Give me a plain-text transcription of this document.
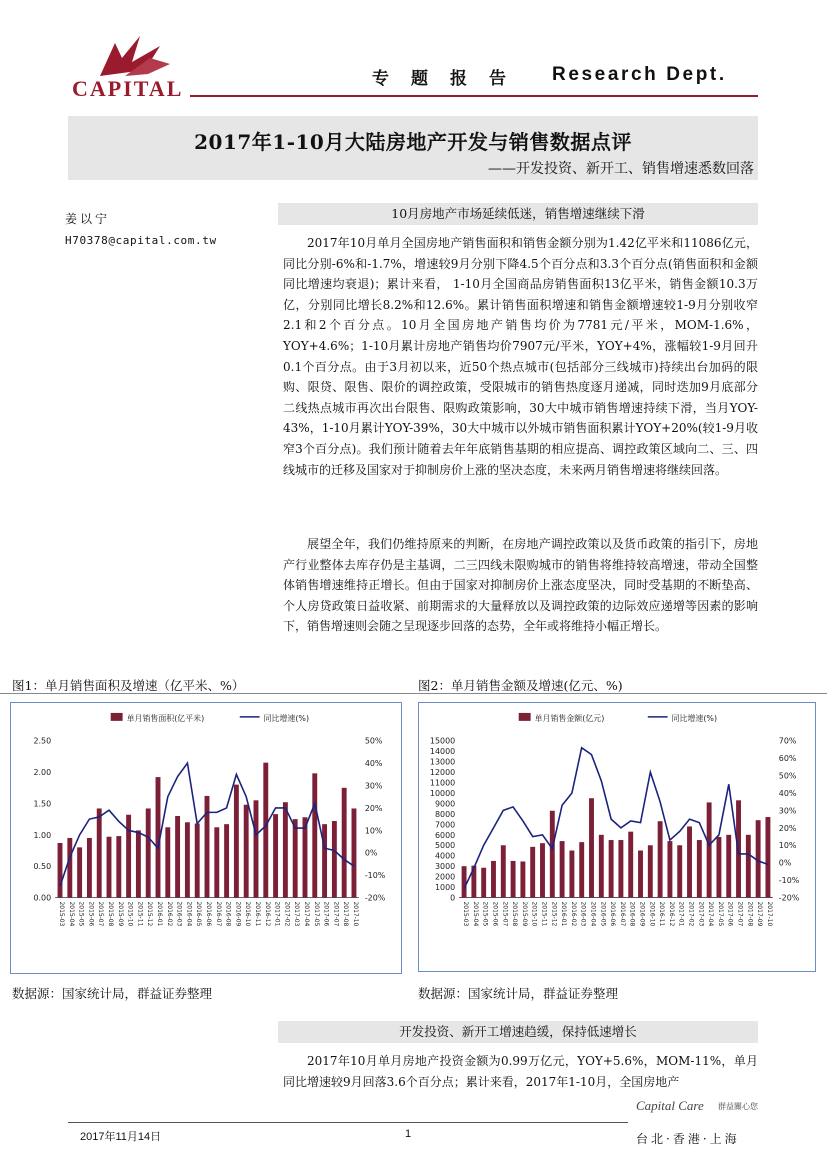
CAPITAL	专题报告 Research Dept.
2017年1-10月大陆房地产开发与销售数据点评
——开发投资、新开工、销售增速悉数回落
姜以宁
H70378@capital.com.tw
10月房地产市场延续低迷，销售增速继续下滑

2017年10月单月全国房地产销售面积和销售金额分别为1.42亿平米和11086亿元，同比分别-6%和-1.7%，增速较9月分别下降4.5个百分点和3.3个百分点(销售面积和金额同比增速均衰退)；累计来看， 1-10月全国商品房销售面积13亿平米，销售金额10.3万亿，分别同比增长8.2%和12.6%。累计销售面积增速和销售金额增速较1-9月分别收窄2.1和2个百分点。10月全国房地产销售均价为7781元/平米，MOM-1.6%，YOY+4.6%；1-10月累计房地产销售均价7907元/平米，YOY+4%，涨幅较1-9月回升0.1个百分点。由于3月初以来，近50个热点城市(包括部分三线城市)持续出台加码的限购、限贷、限售、限价的调控政策，受限城市的销售热度逐月递减，同时迭加9月底部分二线热点城市再次出台限售、限购政策影响，30大中城市销售增速持续下滑，当月YOY-43%，1-10月累计YOY-39%，30大中城市以外城市销售面积累计YOY+20%(较1-9月收窄3个百分点)。我们预计随着去年年底销售基期的相应提高、调控政策区域向二、三、四线城市的迁移及国家对于抑制房价上涨的坚决态度，未来两月销售增速将继续回落。

展望全年，我们仍维持原来的判断，在房地产调控政策以及货币政策的指引下，房地产行业整体去库存仍是主基调，二三四线未限购城市的销售将维持较高增速，带动全国整体销售增速维持正增长。但由于国家对抑制房价上涨态度坚决，同时受基期的不断垫高、个人房贷政策日益收紧、前期需求的大量释放以及调控政策的边际效应递增等因素的影响下，销售增速则会随之呈现逐步回落的态势，全年或将维持小幅正增长。

图1：单月销售面积及增速（亿平米、%）	图2：单月销售金额及增速(亿元、%)
单月销售面积(亿平米)	同比增速(%)
0.00
0.50
1.00
1.50
2.00
2.50
-20%
-10%
0%
10%
20%
30%
40%
50%
2015-03 2015-04 2015-05 2015-06 2015-07 2015-08 2015-09 2015-10 2015-11 2015-12 2016-01 2016-02 2016-03 2016-04 2016-05 2016-06 2016-07 2016-08 2016-09 2016-10 2016-11 2016-12 2017-01 2017-02 2017-03 2017-04 2017-05 2017-06 2017-07 2017-08 2017-10
单月销售金额(亿元)	同比增速(%)
0
1000
2000
3000
4000
5000
6000
7000
8000
9000
10000
11000
12000
13000
14000
15000
-20%
-10%
0%
10%
20%
30%
40%
50%
60%
70%
2015-03 2015-04 2015-05 2015-06 2015-07 2015-08 2015-09 2015-10 2015-11 2015-12 2016-01 2016-02 2016-03 2016-04 2016-05 2016-06 2016-07 2016-08 2016-09 2016-10 2016-11 2016-12 2017-01 2017-02 2017-03 2017-04 2017-05 2017-06 2017-07 2017-08 2017-09 2017-10
数据源：国家统计局，群益证券整理	数据源：国家统计局，群益证券整理
开发投资、新开工增速趋缓，保持低速增长

2017年10月单月房地产投资金额为0.99万亿元，YOY+5.6%，MOM-11%，单月同比增速较9月回落3.6个百分点；累计来看，2017年1-10月，全国房地产

Capital Care 群益關心您
2017年11月14日	1	台北·香港·上海
